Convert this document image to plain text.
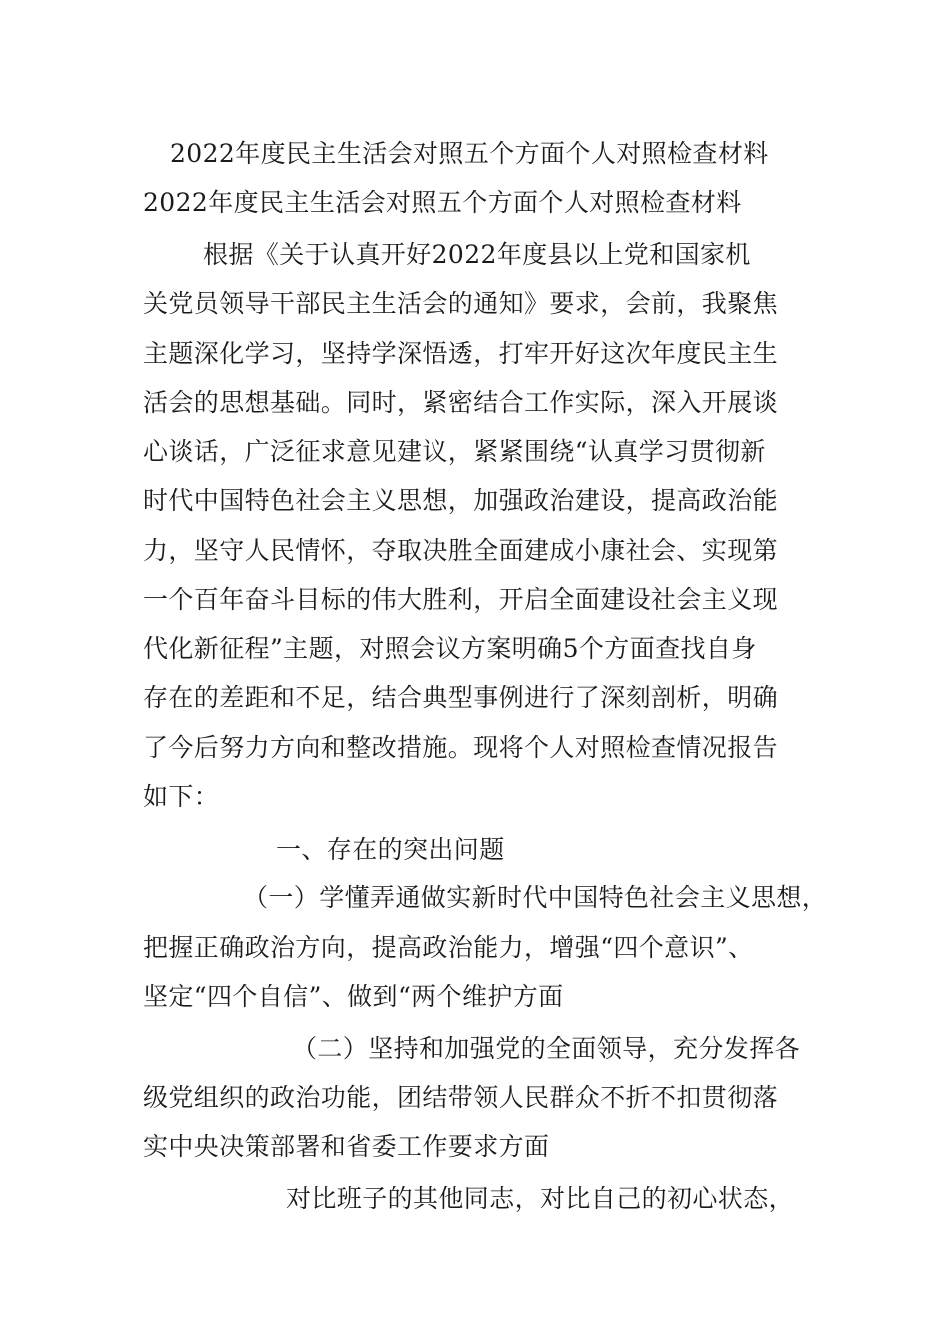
2022年度民主生活会对照五个方面个人对照检查材料
2022年度民主生活会对照五个方面个人对照检查材料
根据《关于认真开好2022年度县以上党和国家机
关党员领导干部民主生活会的通知》要求，会前，我聚焦
主题深化学习，坚持学深悟透，打牢开好这次年度民主生
活会的思想基础。同时，紧密结合工作实际，深入开展谈
心谈话，广泛征求意见建议，紧紧围绕“认真学习贯彻新
时代中国特色社会主义思想，加强政治建设，提高政治能
力，坚守人民情怀，夺取决胜全面建成小康社会、实现第
一个百年奋斗目标的伟大胜利，开启全面建设社会主义现
代化新征程”主题，对照会议方案明确5个方面查找自身
存在的差距和不足，结合典型事例进行了深刻剖析，明确
了今后努力方向和整改措施。现将个人对照检查情况报告
如下：
一、存在的突出问题
（一）学懂弄通做实新时代中国特色社会主义思想，
把握正确政治方向，提高政治能力，增强“四个意识”、
坚定“四个自信”、做到“两个维护方面
（二）坚持和加强党的全面领导，充分发挥各
级党组织的政治功能，团结带领人民群众不折不扣贯彻落
实中央决策部署和省委工作要求方面
对比班子的其他同志，对比自己的初心状态，
